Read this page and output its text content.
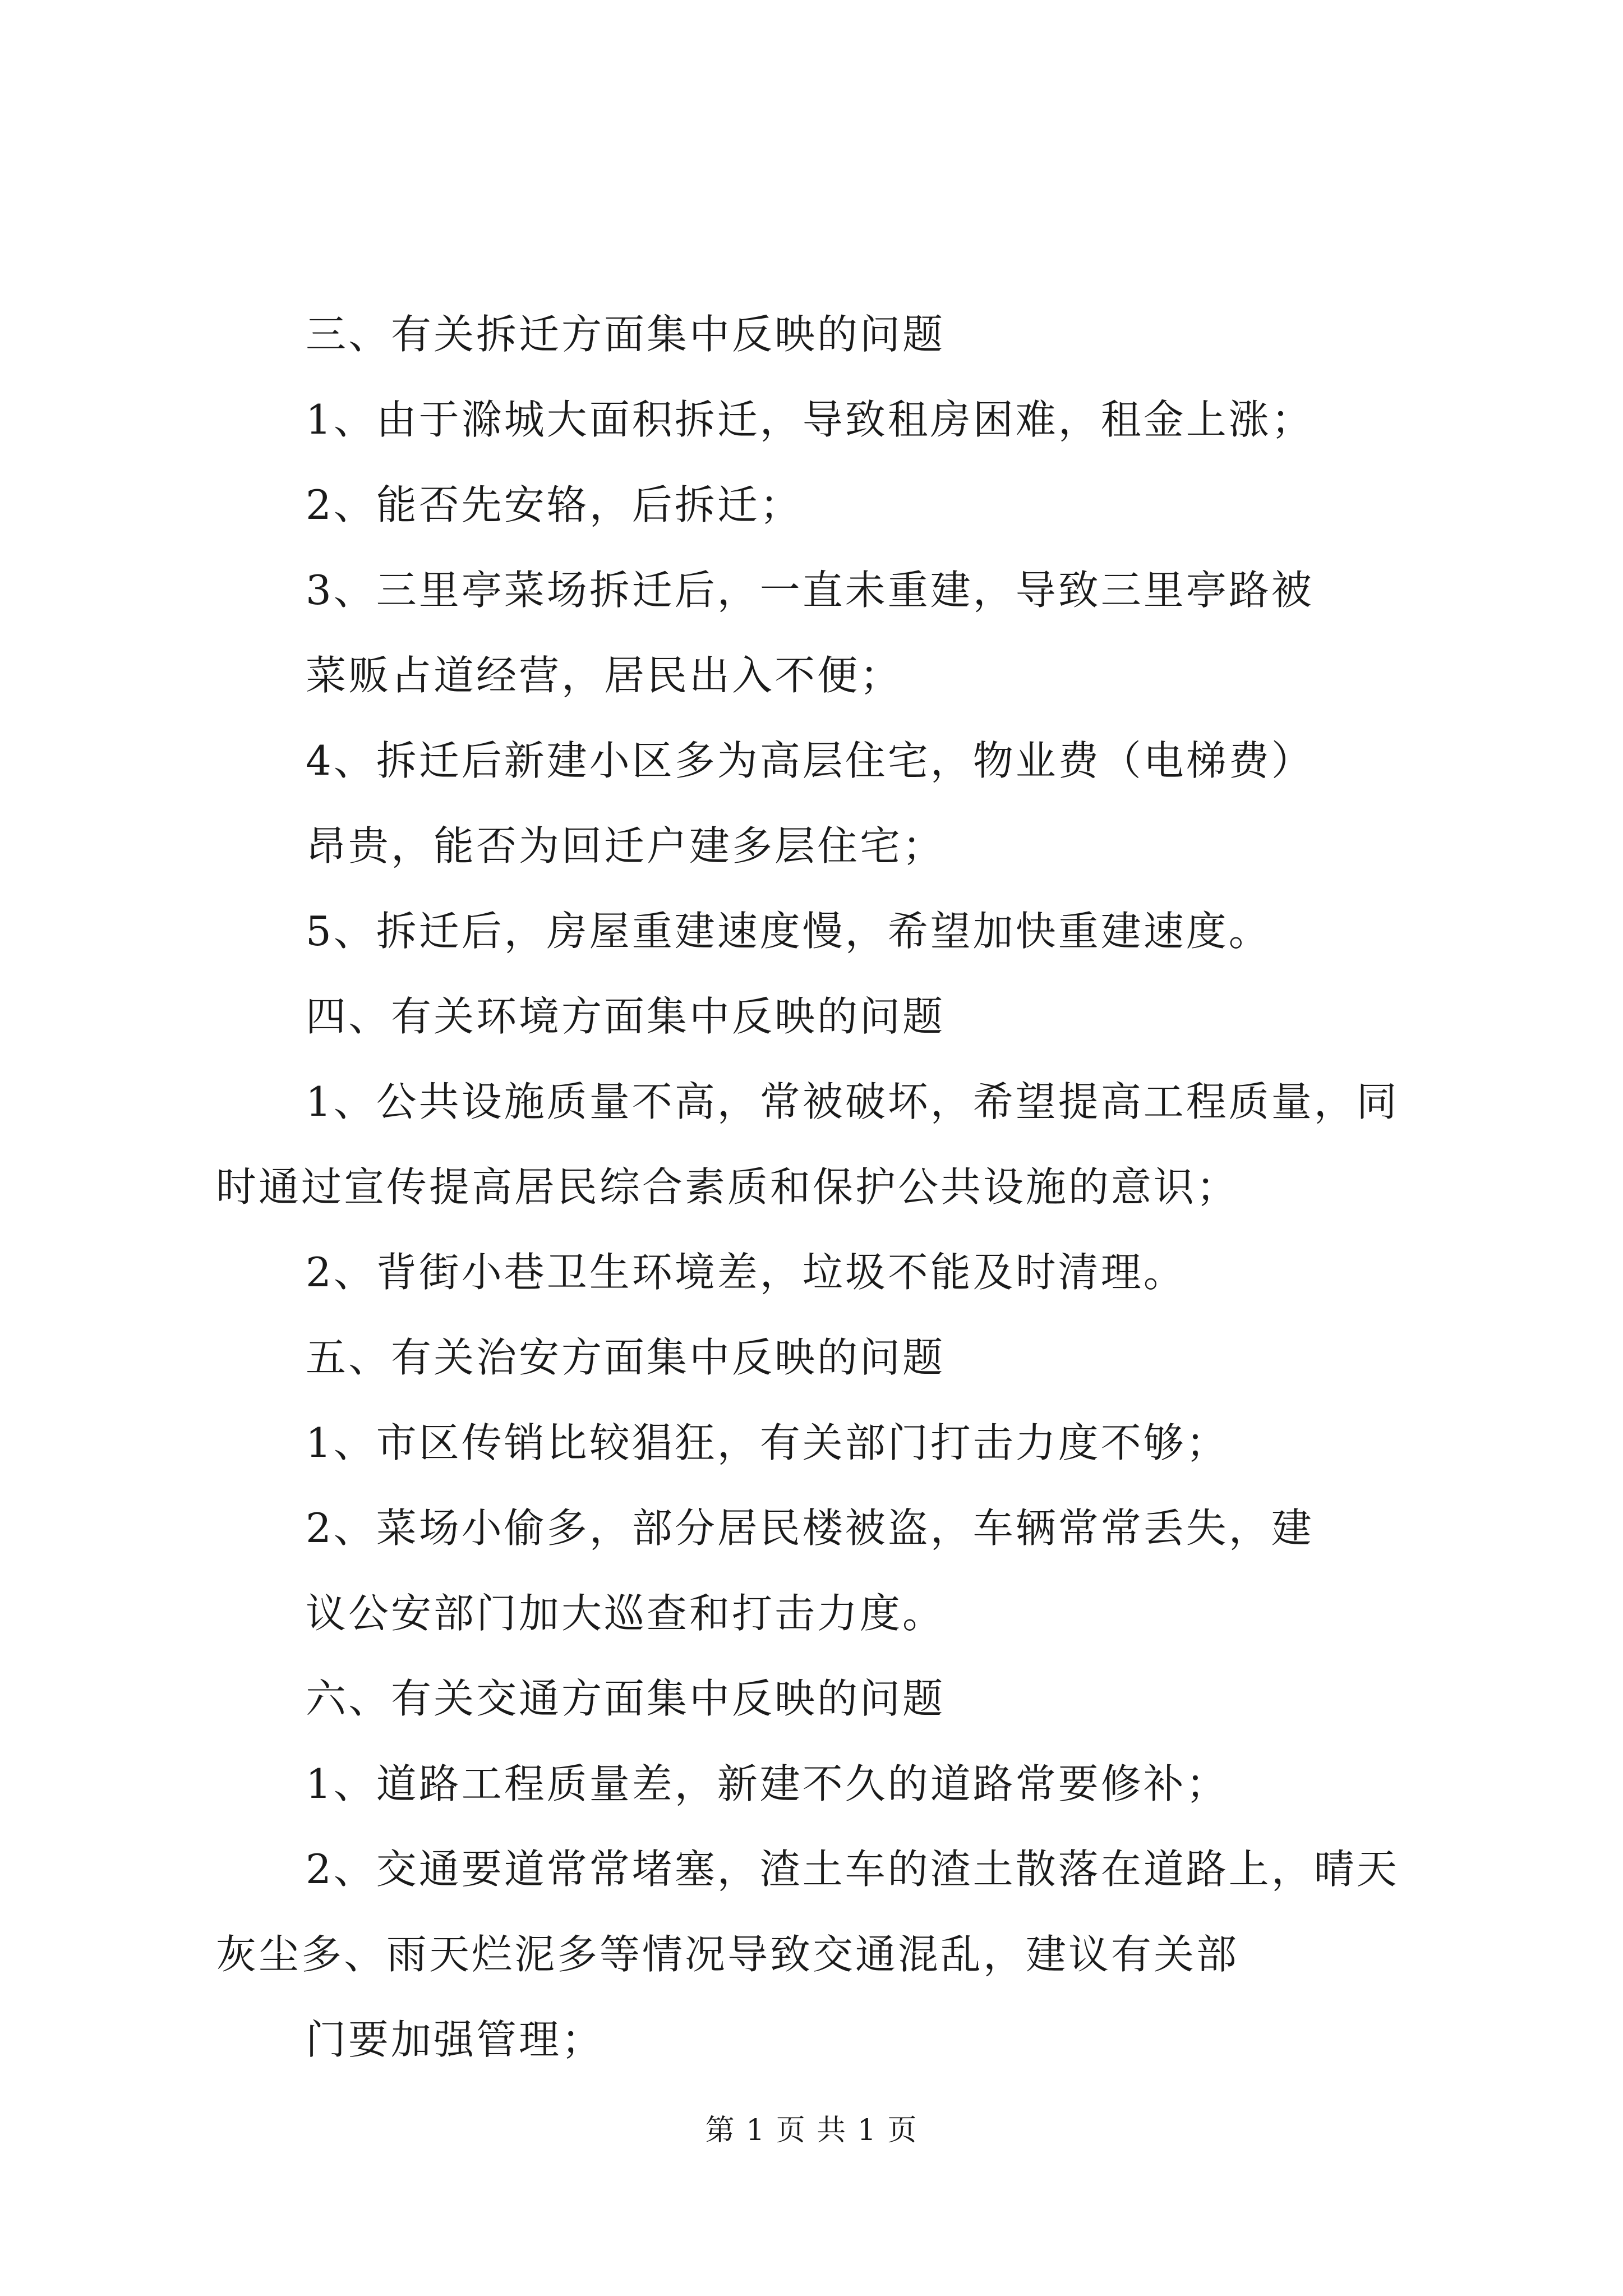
三、有关拆迁方面集中反映的问题
1、由于滁城大面积拆迁，导致租房困难，租金上涨；
2、能否先安辂，后拆迁；
3、三里亭菜场拆迁后，一直未重建，导致三里亭路被
菜贩占道经营，居民出入不便；
4、拆迁后新建小区多为高层住宅，物业费（电梯费）
昂贵，能否为回迁户建多层住宅；
5、拆迁后，房屋重建速度慢，希望加快重建速度。
四、有关环境方面集中反映的问题
1、公共设施质量不高，常被破坏，希望提高工程质量，同
时通过宣传提高居民综合素质和保护公共设施的意识；
2、背街小巷卫生环境差，垃圾不能及时清理。
五、有关治安方面集中反映的问题
1、市区传销比较猖狂，有关部门打击力度不够；
2、菜场小偷多，部分居民楼被盗，车辆常常丢失，建
议公安部门加大巡查和打击力度。
六、有关交通方面集中反映的问题
1、道路工程质量差，新建不久的道路常要修补；
2、交通要道常常堵塞，渣土车的渣土散落在道路上，晴天
灰尘多、雨天烂泥多等情况导致交通混乱，建议有关部
门要加强管理；
第 1 页 共 1 页
